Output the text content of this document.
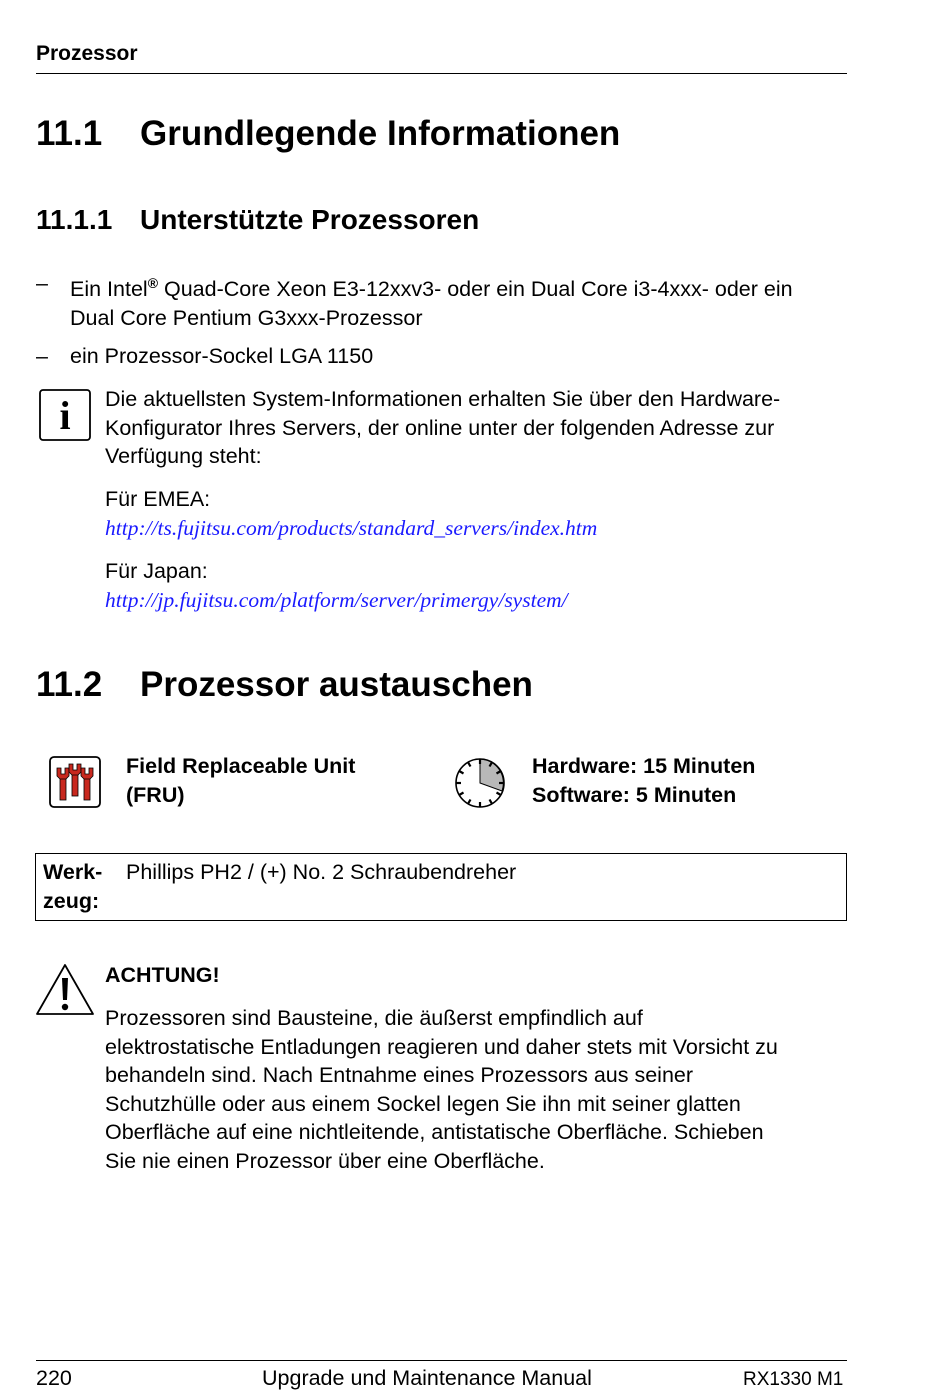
Prozessor
11.1 Grundlegende Informationen
11.1.1 Unterstützte Prozessoren
– Ein Intel® Quad-Core Xeon E3-12xxv3- oder ein Dual Core i3-4xxx- oder ein
Dual Core Pentium G3xxx-Prozessor
– ein Prozessor-Sockel LGA 1150
i Die aktuellsten System-Informationen erhalten Sie über den Hardware-
Konfigurator Ihres Servers, der online unter der folgenden Adresse zur
Verfügung steht:
Für EMEA:
http://ts.fujitsu.com/products/standard_servers/index.htm
Für Japan:
http://jp.fujitsu.com/platform/server/primergy/system/
11.2 Prozessor austauschen
Field Replaceable Unit
(FRU)
Hardware: 15 Minuten
Software: 5 Minuten
Werk-
zeug:
Phillips PH2 / (+) No. 2 Schraubendreher
ACHTUNG!
Prozessoren sind Bausteine, die äußerst empfindlich auf
elektrostatische Entladungen reagieren und daher stets mit Vorsicht zu
behandeln sind. Nach Entnahme eines Prozessors aus seiner
Schutzhülle oder aus einem Sockel legen Sie ihn mit seiner glatten
Oberfläche auf eine nichtleitende, antistatische Oberfläche. Schieben
Sie nie einen Prozessor über eine Oberfläche.
220	Upgrade und Maintenance Manual	RX1330 M1
